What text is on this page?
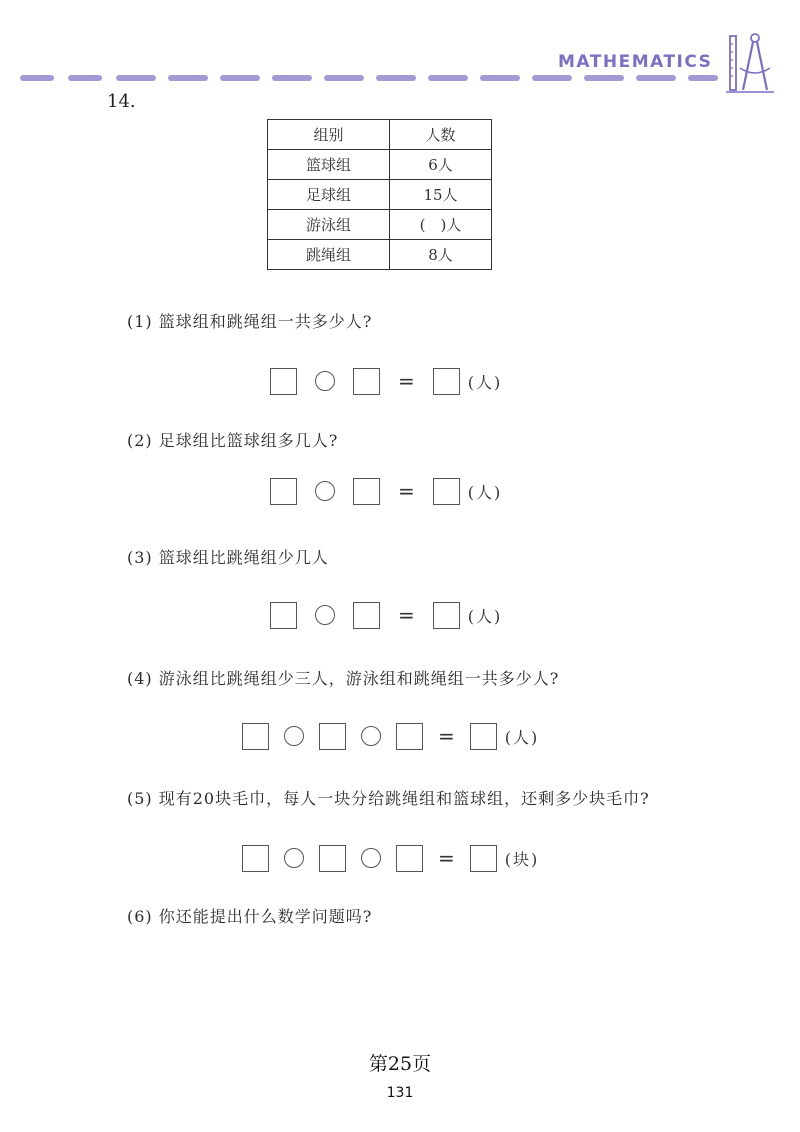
MATHEMATICS
14.
组别	人数
篮球组	6人
足球组	15人
游泳组	(　)人
跳绳组	8人
(1) 篮球组和跳绳组一共多少人?
=	(人)
(2) 足球组比篮球组多几人?
=	(人)
(3) 篮球组比跳绳组少几人
=	(人)
(4) 游泳组比跳绳组少三人，游泳组和跳绳组一共多少人?
=	(人)
(5) 现有20块毛巾，每人一块分给跳绳组和篮球组，还剩多少块毛巾?
=	(块)
(6) 你还能提出什么数学问题吗?
第25页
131
